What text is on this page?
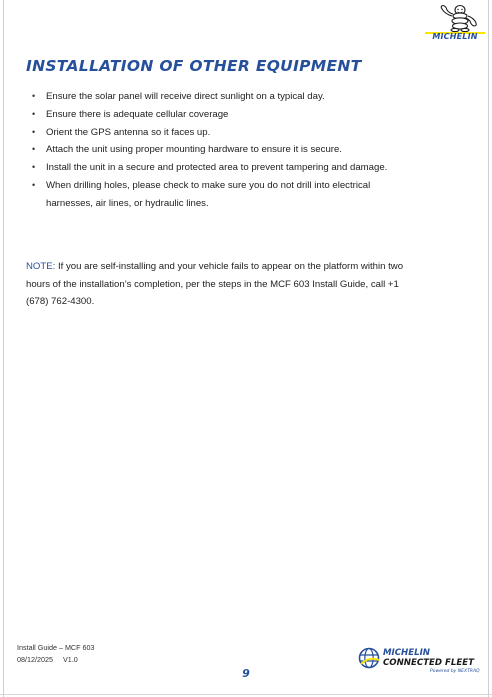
MICHELIN
INSTALLATION OF OTHER EQUIPMENT
• Ensure the solar panel will receive direct sunlight on a typical day.
• Ensure there is adequate cellular coverage
• Orient the GPS antenna so it faces up.
• Attach the unit using proper mounting hardware to ensure it is secure.
• Install the unit in a secure and protected area to prevent tampering and damage.
• When drilling holes, please check to make sure you do not drill into electrical harnesses, air lines, or hydraulic lines.

NOTE: If you are self-installing and your vehicle fails to appear on the platform within two hours of the installation’s completion, per the steps in the MCF 603 Install Guide, call +1 (678) 762-4300.

Install Guide – MCF 603
08/12/2025 V1.0
9
MICHELIN
CONNECTED FLEET
Powered by NEXTRAQ
